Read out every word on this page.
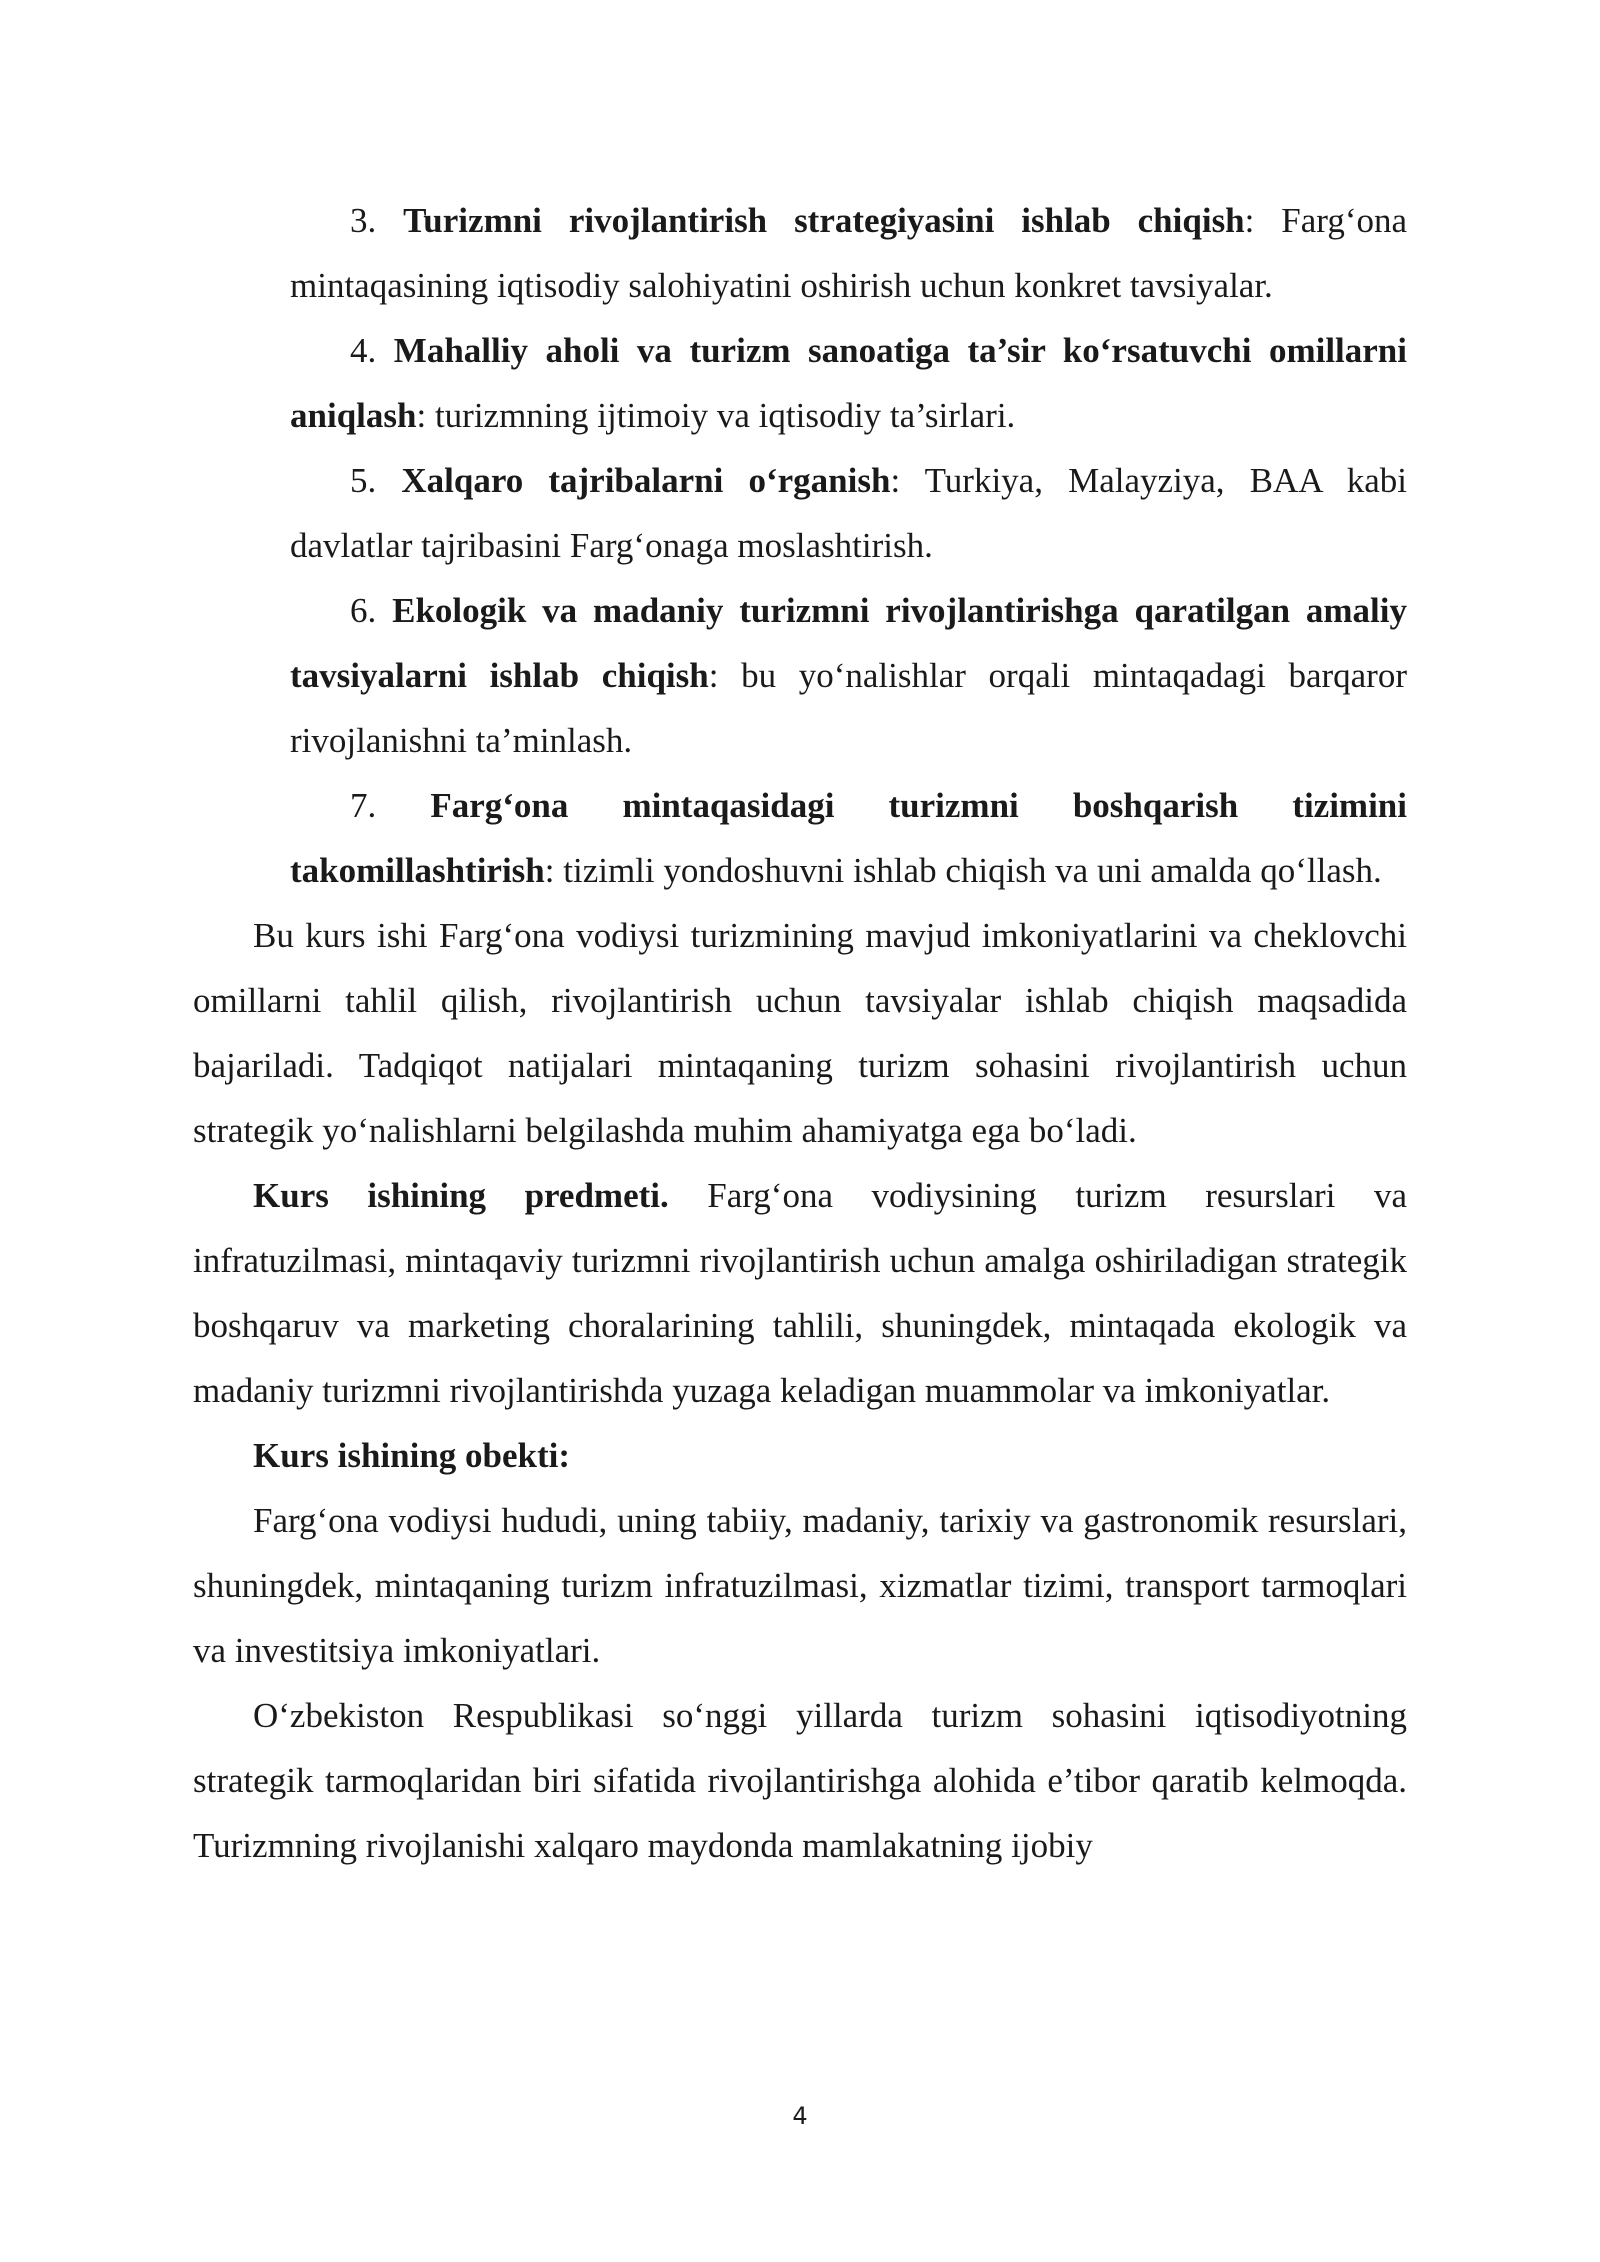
3. Turizmni rivojlantirish strategiyasini ishlab chiqish: Farg‘ona mintaqasining iqtisodiy salohiyatini oshirish uchun konkret tavsiyalar.

4. Mahalliy aholi va turizm sanoatiga ta’sir ko‘rsatuvchi omillarni aniqlash: turizmning ijtimoiy va iqtisodiy ta’sirlari.

5. Xalqaro tajribalarni o‘rganish: Turkiya, Malayziya, BAA kabi davlatlar tajribasini Farg‘onaga moslashtirish.

6. Ekologik va madaniy turizmni rivojlantirishga qaratilgan amaliy tavsiyalarni ishlab chiqish: bu yo‘nalishlar orqali mintaqadagi barqaror rivojlanishni ta’minlash.

7. Farg‘ona mintaqasidagi turizmni boshqarish tizimini takomillashtirish: tizimli yondoshuvni ishlab chiqish va uni amalda qo‘llash.

Bu kurs ishi Farg‘ona vodiysi turizmining mavjud imkoniyatlarini va cheklovchi omillarni tahlil qilish, rivojlantirish uchun tavsiyalar ishlab chiqish maqsadida bajariladi. Tadqiqot natijalari mintaqaning turizm sohasini rivojlantirish uchun strategik yo‘nalishlarni belgilashda muhim ahamiyatga ega bo‘ladi.

Kurs ishining predmeti. Farg‘ona vodiysining turizm resurslari va infratuzilmasi, mintaqaviy turizmni rivojlantirish uchun amalga oshiriladigan strategik boshqaruv va marketing choralarining tahlili, shuningdek, mintaqada ekologik va madaniy turizmni rivojlantirishda yuzaga keladigan muammolar va imkoniyatlar.

Kurs ishining obekti:

Farg‘ona vodiysi hududi, uning tabiiy, madaniy, tarixiy va gastronomik resurslari, shuningdek, mintaqaning turizm infratuzilmasi, xizmatlar tizimi, transport tarmoqlari va investitsiya imkoniyatlari.

O‘zbekiston Respublikasi so‘nggi yillarda turizm sohasini iqtisodiyotning strategik tarmoqlaridan biri sifatida rivojlantirishga alohida e’tibor qaratib kelmoqda. Turizmning rivojlanishi xalqaro maydonda mamlakatning ijobiy

4
